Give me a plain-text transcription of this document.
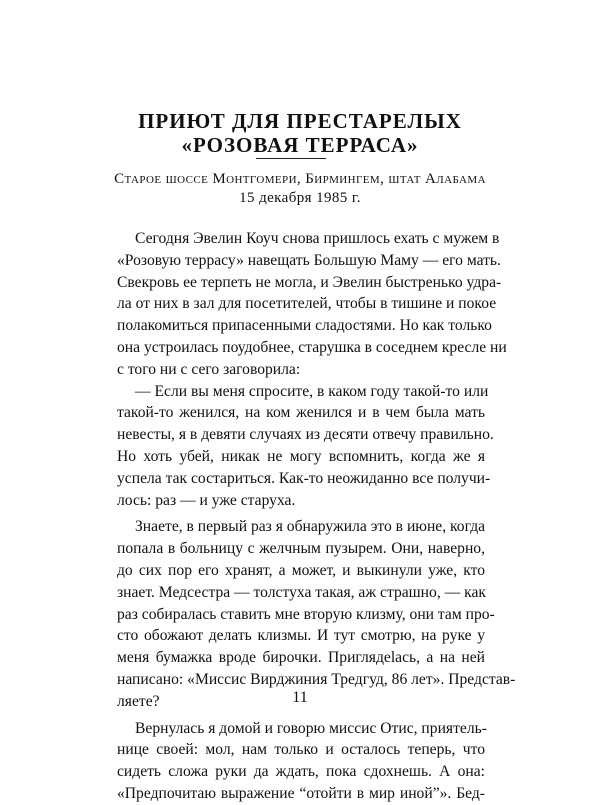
ПРИЮТ ДЛЯ ПРЕСТАРЕЛЫХ
«РОЗОВАЯ ТЕРРАСА»

Старое шоссе Монтгомери, Бирмингем, штат Алабама

15 декабря 1985 г.

Сегодня Эвелин Коуч снова пришлось ехать с мужем в
«Розовую террасу» навещать Большую Маму — его мать.
Свекровь ее терпеть не могла, и Эвелин быстренько удра-
ла от них в зал для посетителей, чтобы в тишине и покое
полакомиться припасенными сладостями. Но как только
она устроилась поудобнее, старушка в соседнем кресле ни
с того ни с сего заговорила:
— Если вы меня спросите, в каком году такой-то или
такой-то женился, на ком женился и в чем была мать
невесты, я в девяти случаях из десяти отвечу правильно.
Но хоть убей, никак не могу вспомнить, когда же я
успела так состариться. Как-то неожиданно все получи-
лось: раз — и уже старуха.
Знаете, в первый раз я обнаружила это в июне, когда
попала в больницу с желчным пузырем. Они, наверно,
до сих пор его хранят, а может, и выкинули уже, кто
знает. Медсестра — толстуха такая, аж страшно, — как
раз собиралась ставить мне вторую клизму, они там про-
сто обожают делать клизмы. И тут смотрю, на руке у
меня бумажка вроде бирочки. Приглядelась, а на ней
написано: «Миссис Вирджиния Тредгуд, 86 лет». Представ-
ляете?
Вернулась я домой и говорю миссис Отис, приятель-
нице своей: мол, нам только и осталось теперь, что
сидеть сложа руки да ждать, пока сдохнешь. А она:
«Предпочитаю выражение “отойти в мир иной”». Бед-
11
